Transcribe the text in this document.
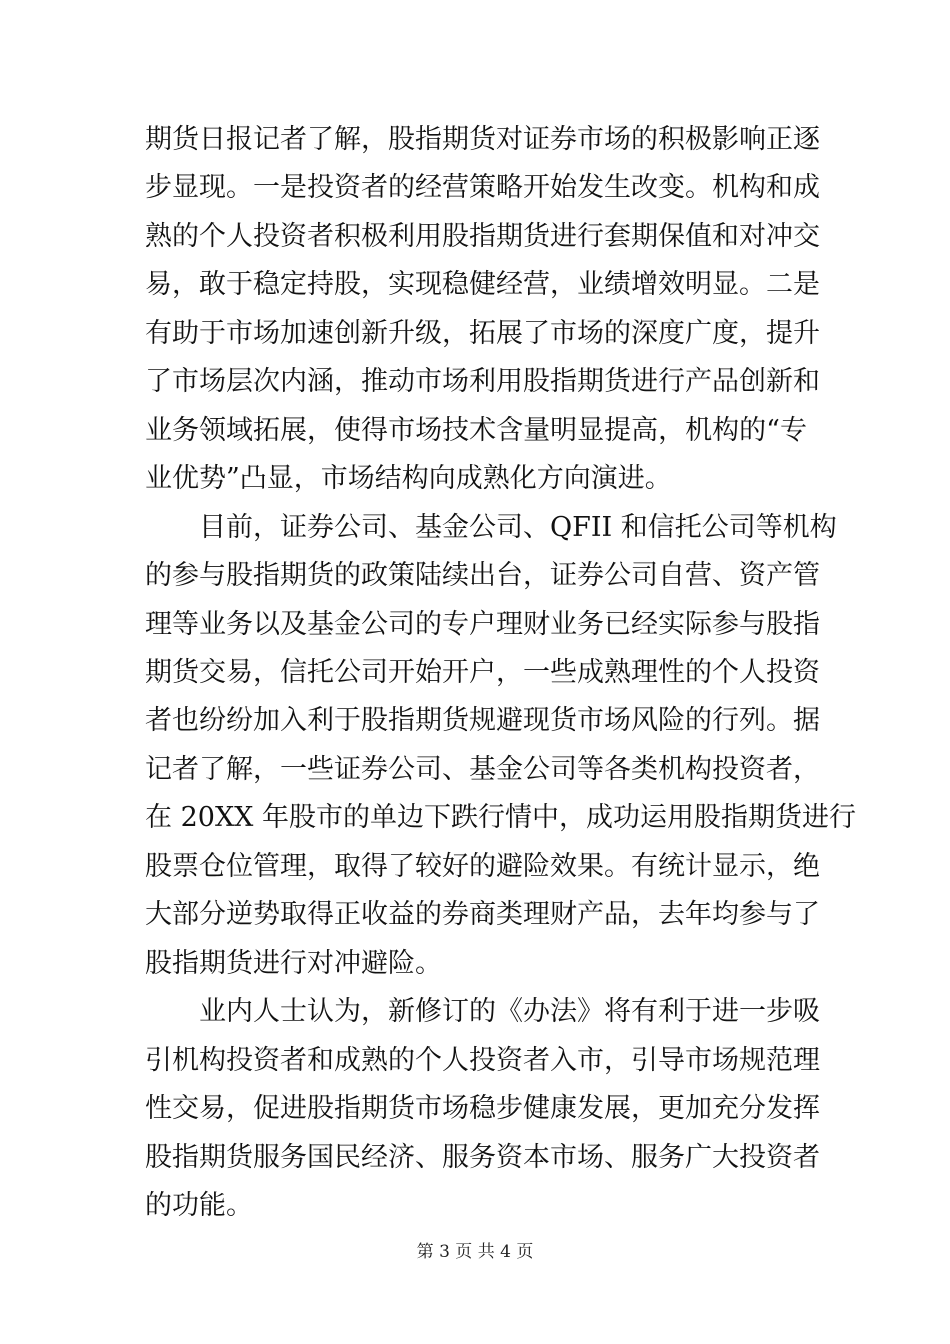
期货日报记者了解，股指期货对证券市场的积极影响正逐
步显现。一是投资者的经营策略开始发生改变。机构和成
熟的个人投资者积极利用股指期货进行套期保值和对冲交
易，敢于稳定持股，实现稳健经营，业绩增效明显。二是
有助于市场加速创新升级，拓展了市场的深度广度，提升
了市场层次内涵，推动市场利用股指期货进行产品创新和
业务领域拓展，使得市场技术含量明显提高，机构的“专
业优势”凸显，市场结构向成熟化方向演进。
目前，证券公司、基金公司、QFII 和信托公司等机构
的参与股指期货的政策陆续出台，证券公司自营、资产管
理等业务以及基金公司的专户理财业务已经实际参与股指
期货交易，信托公司开始开户，一些成熟理性的个人投资
者也纷纷加入利于股指期货规避现货市场风险的行列。据
记者了解，一些证券公司、基金公司等各类机构投资者，
在 20XX 年股市的单边下跌行情中，成功运用股指期货进行
股票仓位管理，取得了较好的避险效果。有统计显示，绝
大部分逆势取得正收益的券商类理财产品，去年均参与了
股指期货进行对冲避险。
业内人士认为，新修订的《办法》将有利于进一步吸
引机构投资者和成熟的个人投资者入市，引导市场规范理
性交易，促进股指期货市场稳步健康发展，更加充分发挥
股指期货服务国民经济、服务资本市场、服务广大投资者
的功能。
第 3 页 共 4 页
